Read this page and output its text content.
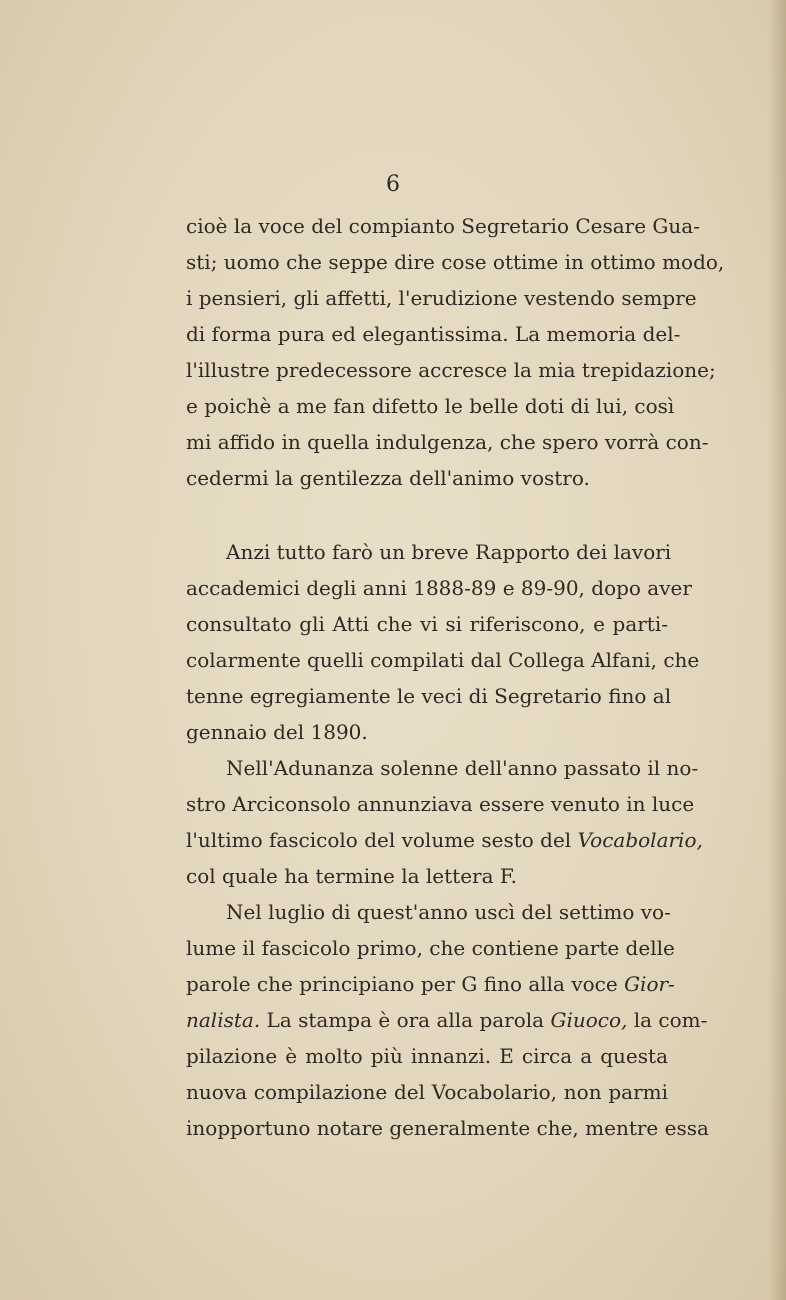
6
cioè la voce del compianto Segretario Cesare Gua-
sti; uomo che seppe dire cose ottime in ottimo modo,
i pensieri, gli affetti, l'erudizione vestendo sempre
di forma pura ed elegantissima. La memoria del-
l'illustre predecessore accresce la mia trepidazione;
e poichè a me fan difetto le belle doti di lui, così
mi affido in quella indulgenza, che spero vorrà con-
cedermi la gentilezza dell'animo vostro.
Anzi tutto farò un breve Rapporto dei lavori
accademici degli anni 1888-89 e 89-90, dopo aver
consultato gli Atti che vi si riferiscono, e parti-
colarmente quelli compilati dal Collega Alfani, che
tenne egregiamente le veci di Segretario fino al
gennaio del 1890.
Nell'Adunanza solenne dell'anno passato il no-
stro Arciconsolo annunziava essere venuto in luce
l'ultimo fascicolo del volume sesto del Vocabolario,
col quale ha termine la lettera F.
Nel luglio di quest'anno uscì del settimo vo-
lume il fascicolo primo, che contiene parte delle
parole che principiano per G fino alla voce Gior-
nalista. La stampa è ora alla parola Giuoco, la com-
pilazione è molto più innanzi. E circa a questa
nuova compilazione del Vocabolario, non parmi
inopportuno notare generalmente che, mentre essa
